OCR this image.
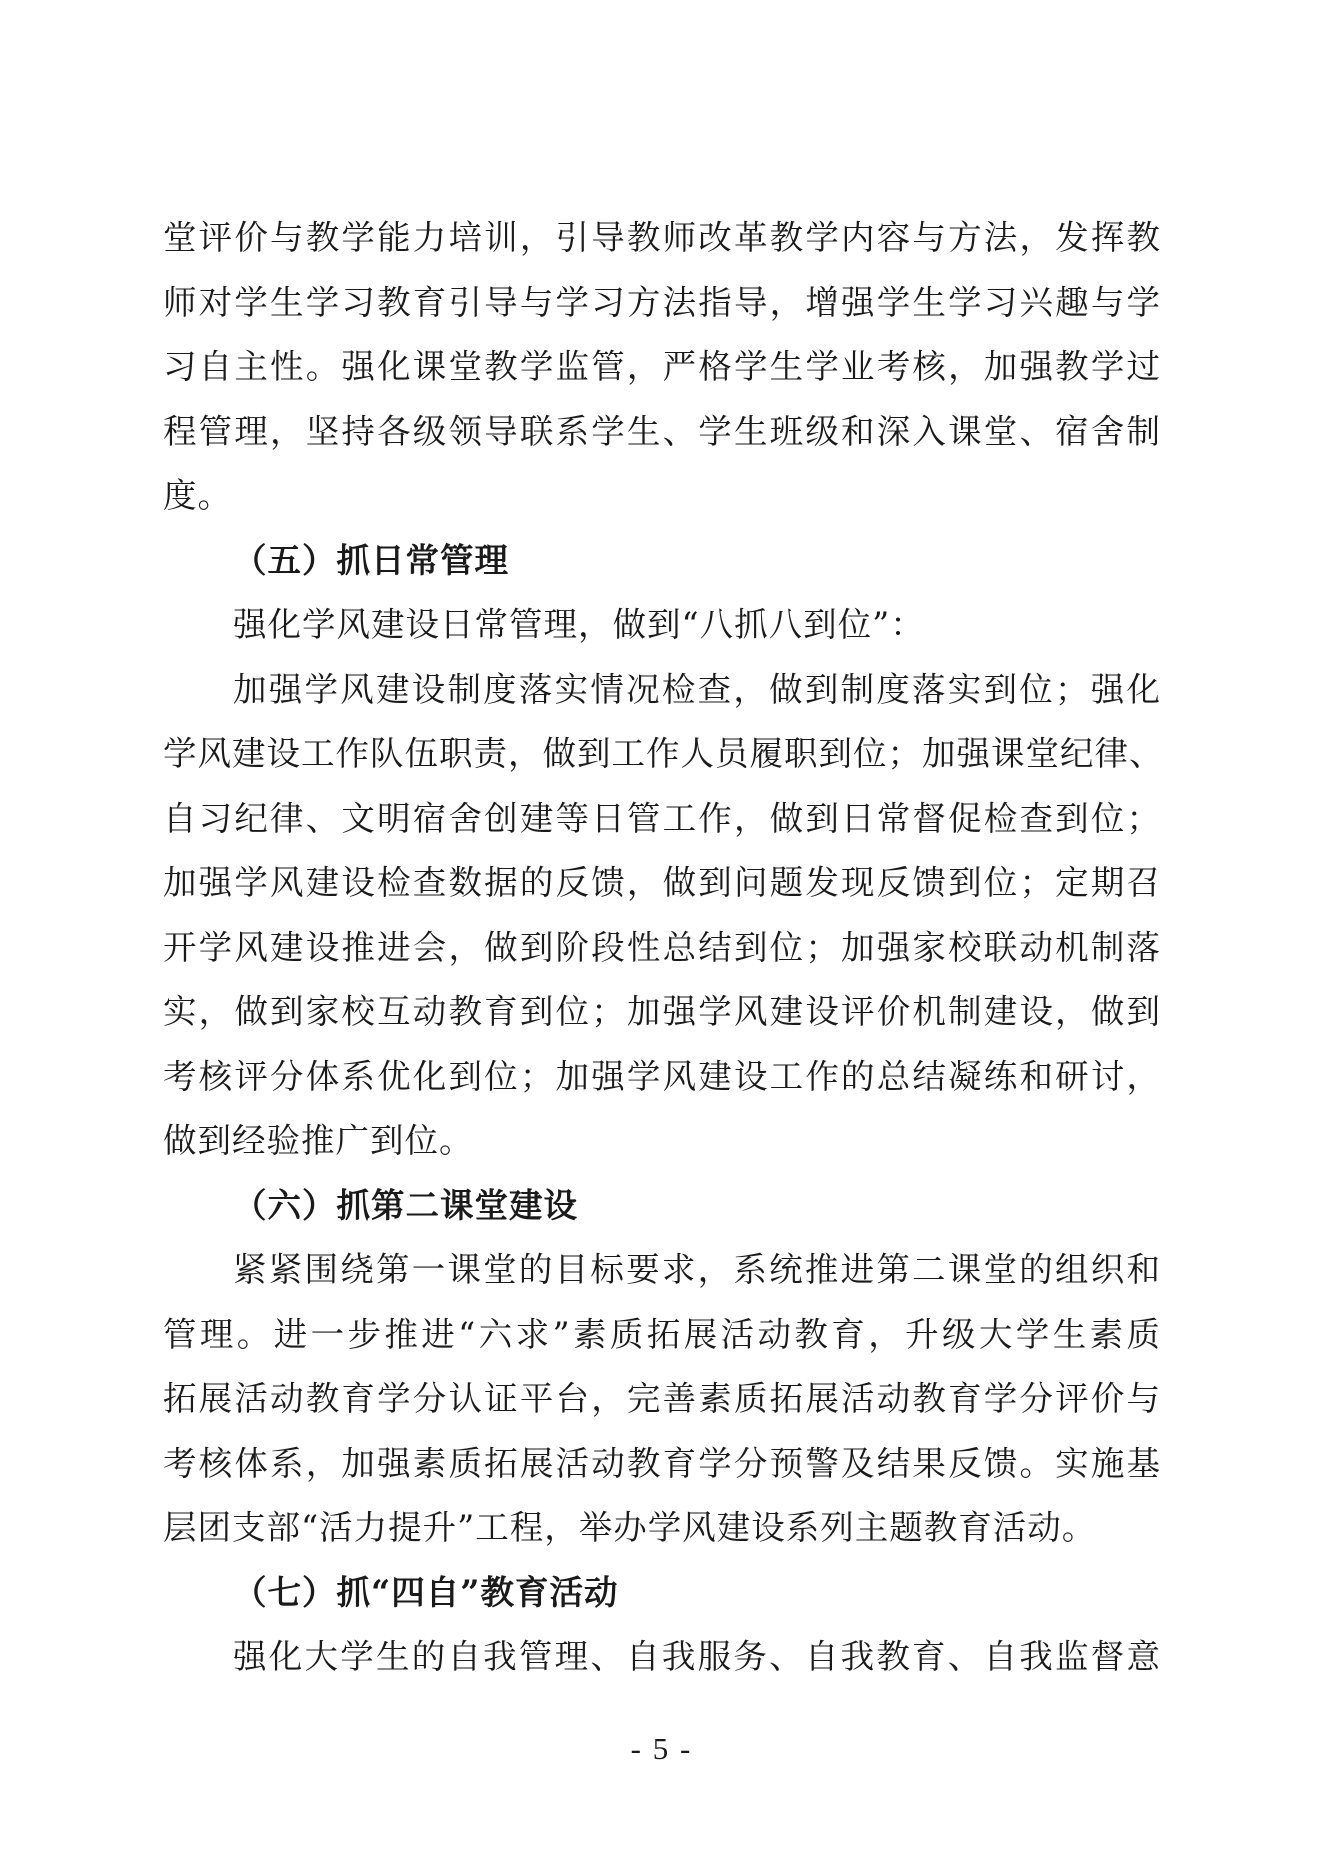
堂评价与教学能力培训，引导教师改革教学内容与方法，发挥教
师对学生学习教育引导与学习方法指导，增强学生学习兴趣与学
习自主性。强化课堂教学监管，严格学生学业考核，加强教学过
程管理，坚持各级领导联系学生、学生班级和深入课堂、宿舍制
度。
（五）抓日常管理
强化学风建设日常管理，做到“八抓八到位”：
加强学风建设制度落实情况检查，做到制度落实到位；强化
学风建设工作队伍职责，做到工作人员履职到位；加强课堂纪律、
自习纪律、文明宿舍创建等日管工作，做到日常督促检查到位；
加强学风建设检查数据的反馈，做到问题发现反馈到位；定期召
开学风建设推进会，做到阶段性总结到位；加强家校联动机制落
实，做到家校互动教育到位；加强学风建设评价机制建设，做到
考核评分体系优化到位；加强学风建设工作的总结凝练和研讨，
做到经验推广到位。
（六）抓第二课堂建设
紧紧围绕第一课堂的目标要求，系统推进第二课堂的组织和
管理。进一步推进“六求”素质拓展活动教育，升级大学生素质
拓展活动教育学分认证平台，完善素质拓展活动教育学分评价与
考核体系，加强素质拓展活动教育学分预警及结果反馈。实施基
层团支部“活力提升”工程，举办学风建设系列主题教育活动。
（七）抓“四自”教育活动
强化大学生的自我管理、自我服务、自我教育、自我监督意
- 5 -
